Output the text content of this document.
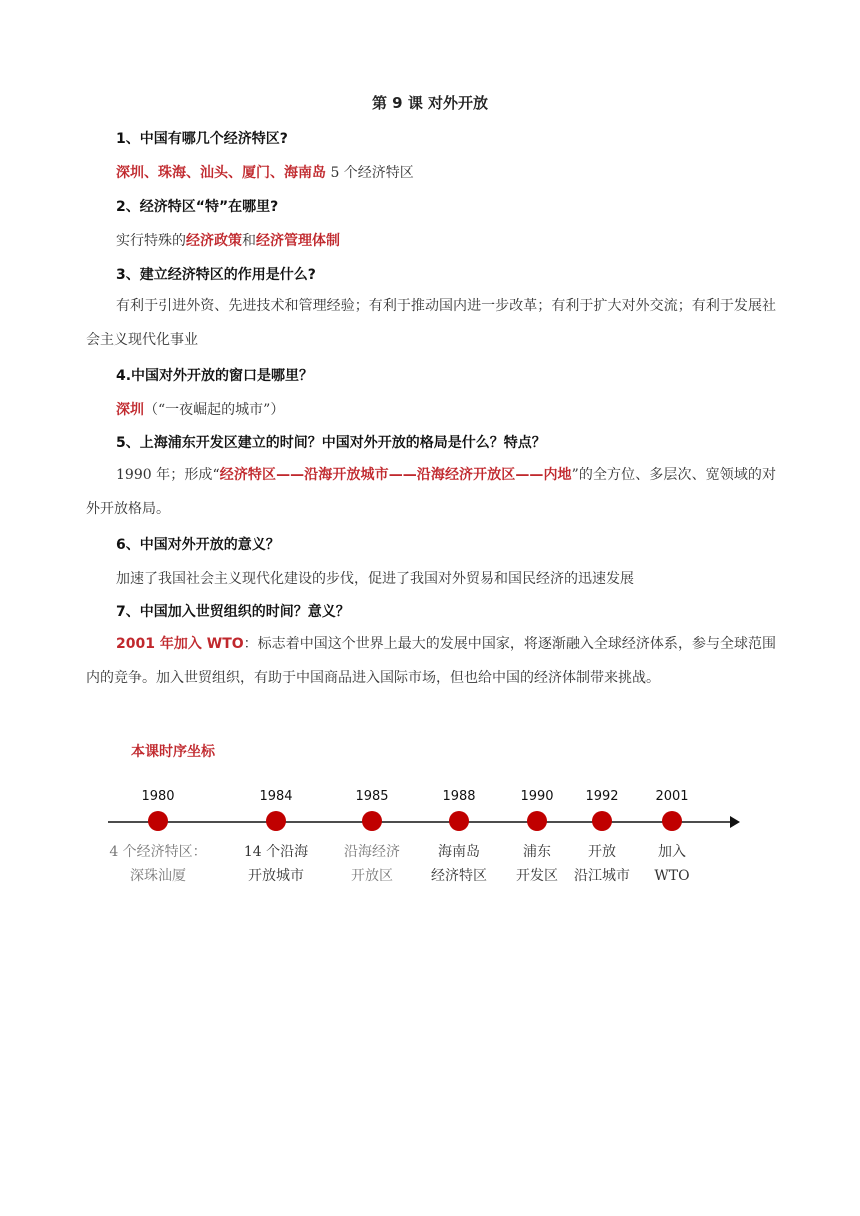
第 9 课 对外开放
1、中国有哪几个经济特区?
深圳、珠海、汕头、厦门、海南岛 5 个经济特区
2、经济特区“特”在哪里?
实行特殊的经济政策和经济管理体制
3、建立经济特区的作用是什么?
有利于引进外资、先进技术和管理经验；有利于推动国内进一步改革；有利于扩大对外交流；有利于发展社会主义现代化事业
4.中国对外开放的窗口是哪里？
深圳（“一夜崛起的城市”）
5、上海浦东开发区建立的时间？中国对外开放的格局是什么？特点？
1990 年；形成“经济特区——沿海开放城市——沿海经济开放区——内地”的全方位、多层次、宽领域的对外开放格局。
6、中国对外开放的意义？
加速了我国社会主义现代化建设的步伐，促进了我国对外贸易和国民经济的迅速发展
7、中国加入世贸组织的时间？意义？
2001 年加入 WTO：标志着中国这个世界上最大的发展中国家，将逐渐融入全球经济体系，参与全球范围内的竞争。加入世贸组织，有助于中国商品进入国际市场，但也给中国的经济体制带来挑战。
本课时序坐标
1980
4 个经济特区：
深珠汕厦
1984
14 个沿海
开放城市
1985
沿海经济
开放区
1988
海南岛
经济特区
1990
浦东
开发区
1992
开放
沿江城市
2001
加入
WTO
